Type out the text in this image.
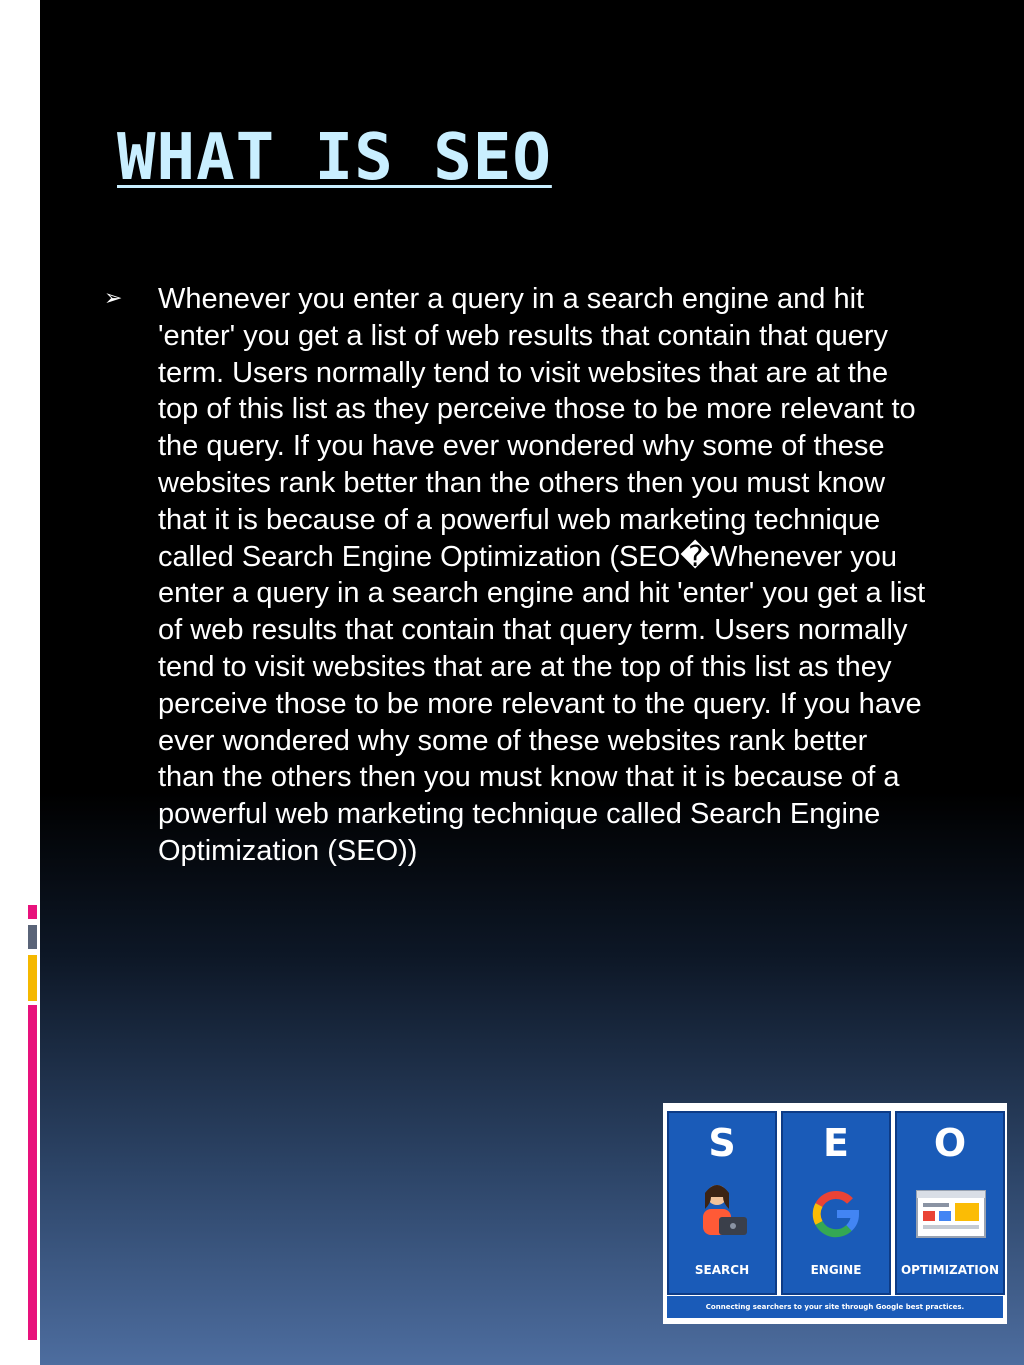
WHAT IS SEO
➢ Whenever you enter a query in a search engine and hit 'enter' you get a list of web results that contain that query term. Users normally tend to visit websites that are at the top of this list as they perceive those to be more relevant to the query. If you have ever wondered why some of these websites rank better than the others then you must know that it is because of a powerful web marketing technique called Search Engine Optimization (SEO�Whenever you enter a query in a search engine and hit 'enter' you get a list of web results that contain that query term. Users normally tend to visit websites that are at the top of this list as they perceive those to be more relevant to the query. If you have ever wondered why some of these websites rank better than the others then you must know that it is because of a powerful web marketing technique called Search Engine Optimization (SEO))

S
SEARCH
E
ENGINE
O
OPTIMIZATION
Connecting searchers to your site through Google best practices.
